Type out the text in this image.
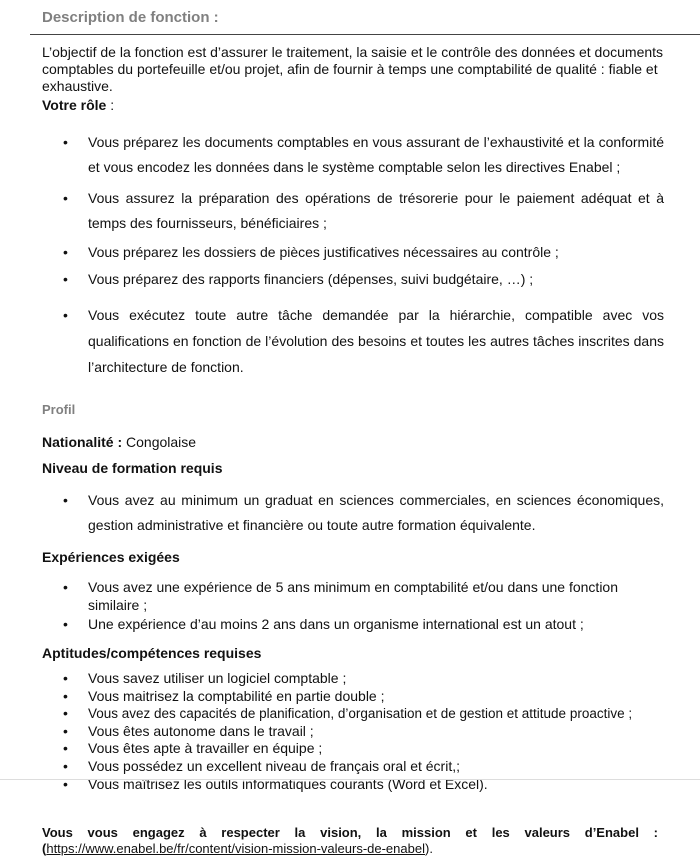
Description de fonction :
L’objectif de la fonction est d’assurer le traitement, la saisie et le contrôle des données et documents comptables du portefeuille et/ou projet, afin de fournir à temps une comptabilité de qualité : fiable et exhaustive.
Votre rôle :
• Vous préparez les documents comptables en vous assurant de l’exhaustivité et la conformité et vous encodez les données dans le système comptable selon les directives Enabel ;
• Vous assurez la préparation des opérations de trésorerie pour le paiement adéquat et à temps des fournisseurs, bénéficiaires ;
• Vous préparez les dossiers de pièces justificatives nécessaires au contrôle ;
• Vous préparez des rapports financiers (dépenses, suivi budgétaire, …) ;
• Vous exécutez toute autre tâche demandée par la hiérarchie, compatible avec vos qualifications en fonction de l’évolution des besoins et toutes les autres tâches inscrites dans l’architecture de fonction.
Profil
Nationalité : Congolaise
Niveau de formation requis
• Vous avez au minimum un graduat en sciences commerciales, en sciences économiques, gestion administrative et financière ou toute autre formation équivalente.
Expériences exigées
• Vous avez une expérience de 5 ans minimum en comptabilité et/ou dans une fonction similaire ;
• Une expérience d’au moins 2 ans dans un organisme international est un atout ;
Aptitudes/compétences requises
• Vous savez utiliser un logiciel comptable ;
• Vous maitrisez la comptabilité en partie double ;
• Vous avez des capacités de planification, d’organisation et de gestion et attitude proactive ;
• Vous êtes autonome dans le travail ;
• Vous êtes apte à travailler en équipe ;
• Vous possédez un excellent niveau de français oral et écrit,;
• Vous maîtrisez les outils informatiques courants (Word et Excel).
Vous vous engagez à respecter la vision, la mission et les valeurs d’Enabel :(https://www.enabel.be/fr/content/vision-mission-valeurs-de-enabel).
